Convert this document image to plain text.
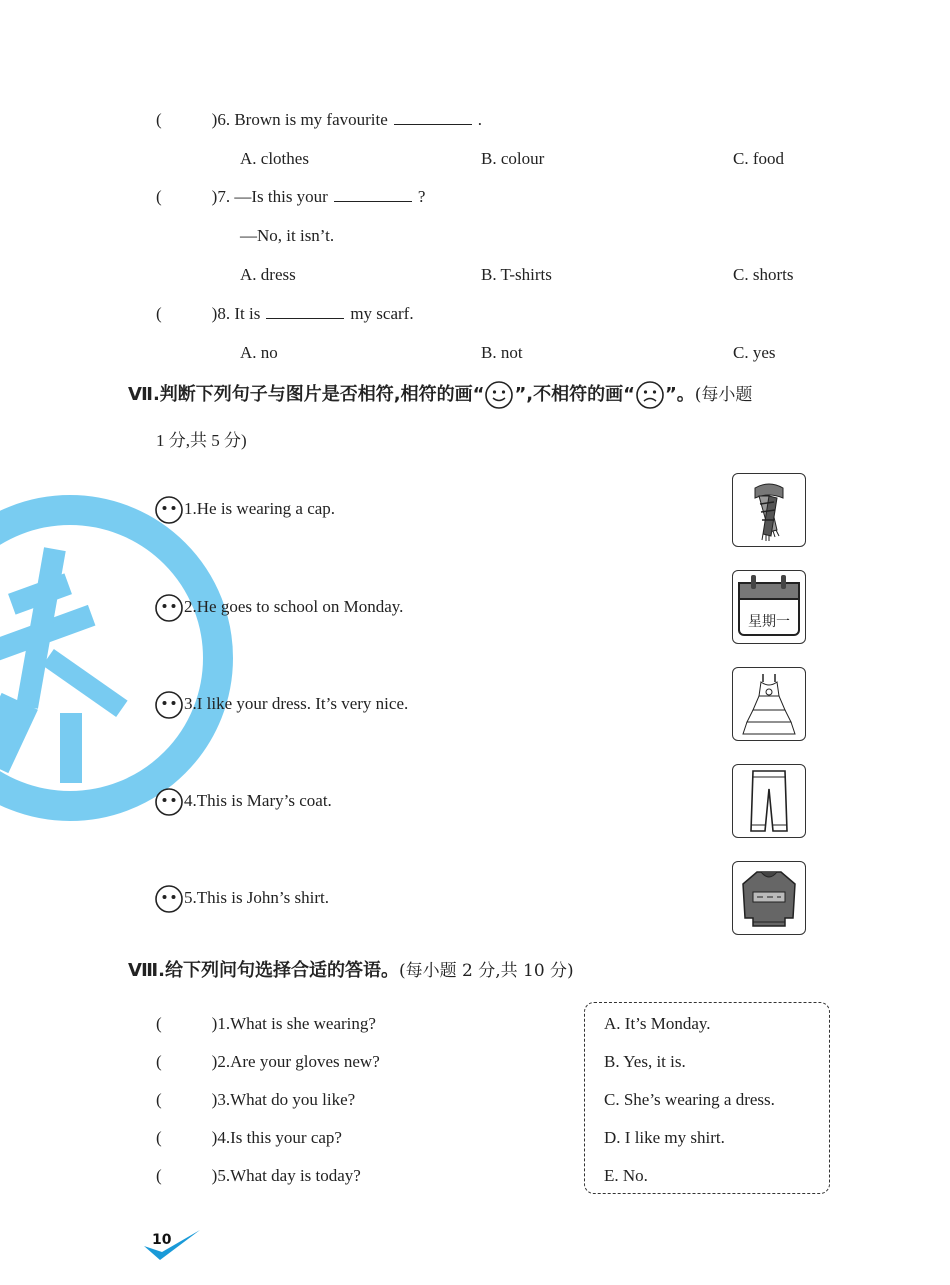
(	)6. Brown is my favourite	.
A. clothes	B. colour	C. food
(	)7. —Is this your	?
—No, it isn’t.
A. dress	B. T-shirts	C. shorts
(	)8. It is	my scarf.
A. no	B. not	C. yes
Ⅶ.判断下列句子与图片是否相符,相符的画“ ”,不相符的画“ ”。(每小题
1 分,共 5 分)
1.He is wearing a cap.
2.He goes to school on Monday.
3.I like your dress. It’s very nice.
4.This is Mary’s coat.
5.This is John’s shirt.
星期一
Ⅷ.给下列问句选择合适的答语。(每小题 2 分,共 10 分)
(	)1.What is she wearing?
(	)2.Are your gloves new?
(	)3.What do you like?
(	)4.Is this your cap?
(	)5.What day is today?
A. It’s Monday.
B. Yes, it is.
C. She’s wearing a dress.
D. I like my shirt.
E. No.
10
